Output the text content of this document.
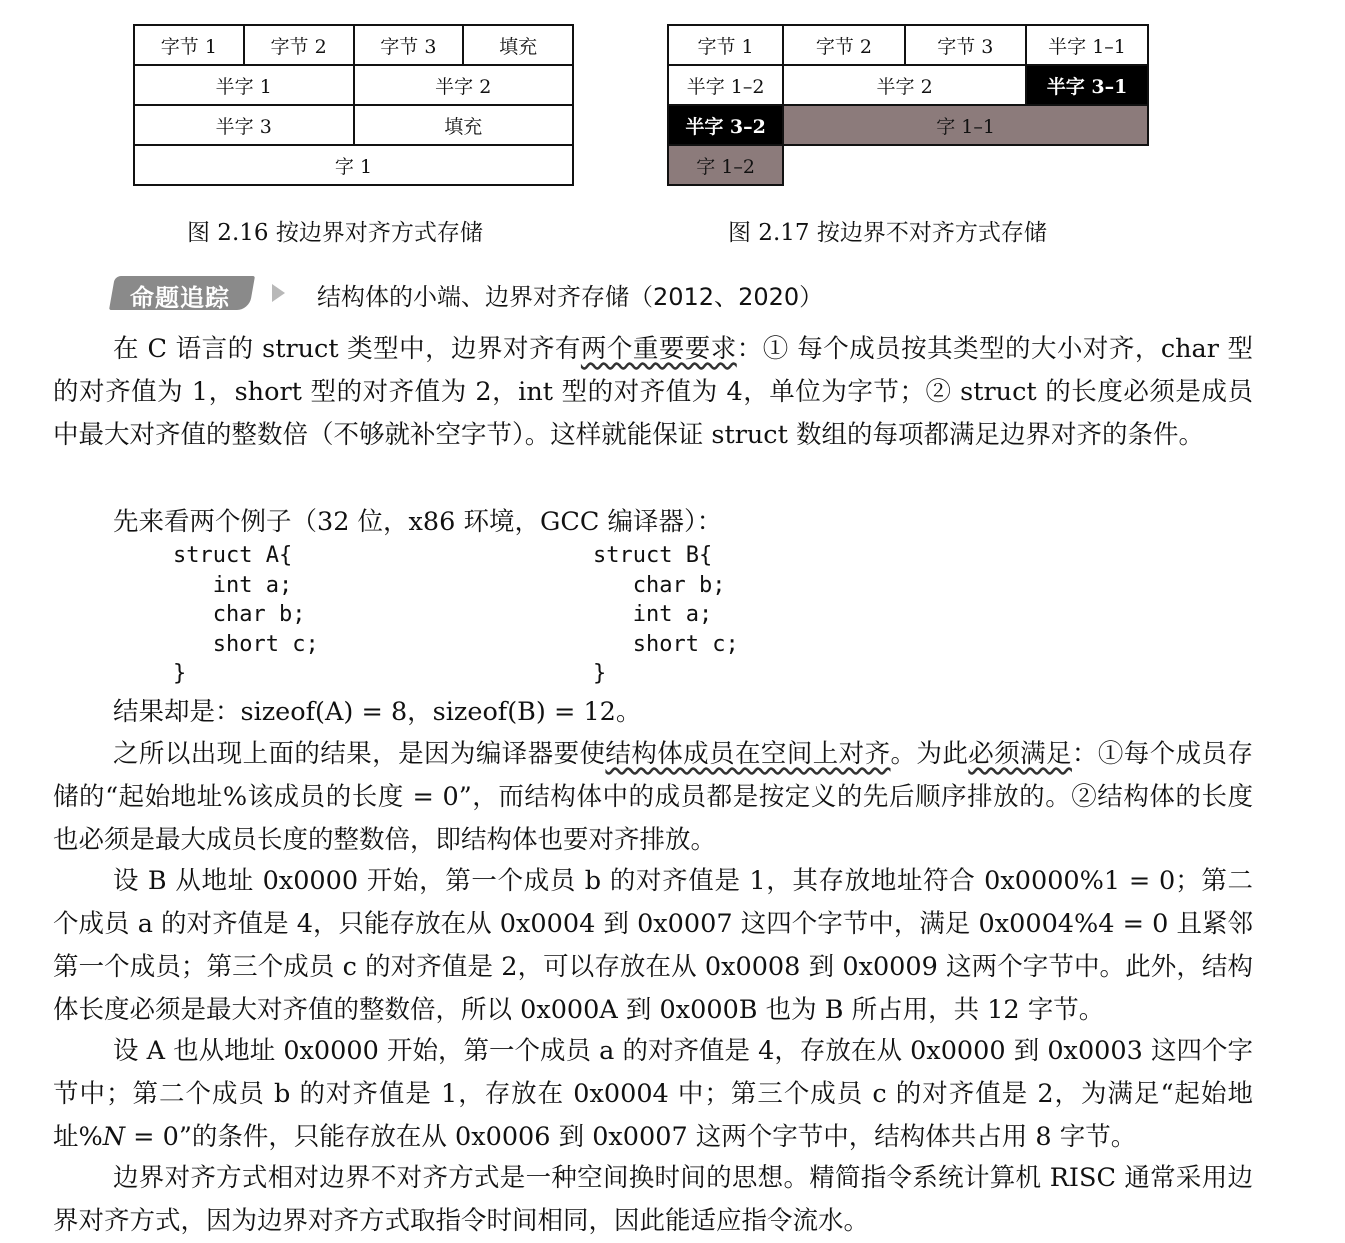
字节 1	字节 2	字节 3	填充
半字 1		半字 2	
半字 3		填充	
字 1			
图 2.16 按边界对齐方式存储
字节 1	字节 2	字节 3	半字 1–1
半字 1–2	半字 2		半字 3–1
半字 3–2	字 1–1		
字 1–2			
图 2.17 按边界不对齐方式存储
命题追踪	结构体的小端、边界对齐存储（2012、2020）
在 C 语言的 struct 类型中，边界对齐有两个重要要求：① 每个成员按其类型的大小对齐，char 型的对齐值为 1，short 型的对齐值为 2，int 型的对齐值为 4，单位为字节；② struct 的长度必须是成员中最大对齐值的整数倍（不够就补空字节）。这样就能保证 struct 数组的每项都满足边界对齐的条件。
先来看两个例子（32 位，x86 环境，GCC 编译器）：
struct A{
int a;
char b;
short c;
}
struct B{
char b;
int a;
short c;
}
结果却是：sizeof(A) = 8，sizeof(B) = 12。
之所以出现上面的结果，是因为编译器要使结构体成员在空间上对齐。为此必须满足：①每个成员存储的“起始地址%该成员的长度 = 0”，而结构体中的成员都是按定义的先后顺序排放的。②结构体的长度也必须是最大成员长度的整数倍，即结构体也要对齐排放。
设 B 从地址 0x0000 开始，第一个成员 b 的对齐值是 1，其存放地址符合 0x0000%1 = 0；第二个成员 a 的对齐值是 4，只能存放在从 0x0004 到 0x0007 这四个字节中，满足 0x0004%4 = 0 且紧邻第一个成员；第三个成员 c 的对齐值是 2，可以存放在从 0x0008 到 0x0009 这两个字节中。此外，结构体长度必须是最大对齐值的整数倍，所以 0x000A 到 0x000B 也为 B 所占用，共 12 字节。
设 A 也从地址 0x0000 开始，第一个成员 a 的对齐值是 4，存放在从 0x0000 到 0x0003 这四个字节中；第二个成员 b 的对齐值是 1，存放在 0x0004 中；第三个成员 c 的对齐值是 2，为满足“起始地址%N = 0”的条件，只能存放在从 0x0006 到 0x0007 这两个字节中，结构体共占用 8 字节。
边界对齐方式相对边界不对齐方式是一种空间换时间的思想。精简指令系统计算机 RISC 通常采用边界对齐方式，因为边界对齐方式取指令时间相同，因此能适应指令流水。
